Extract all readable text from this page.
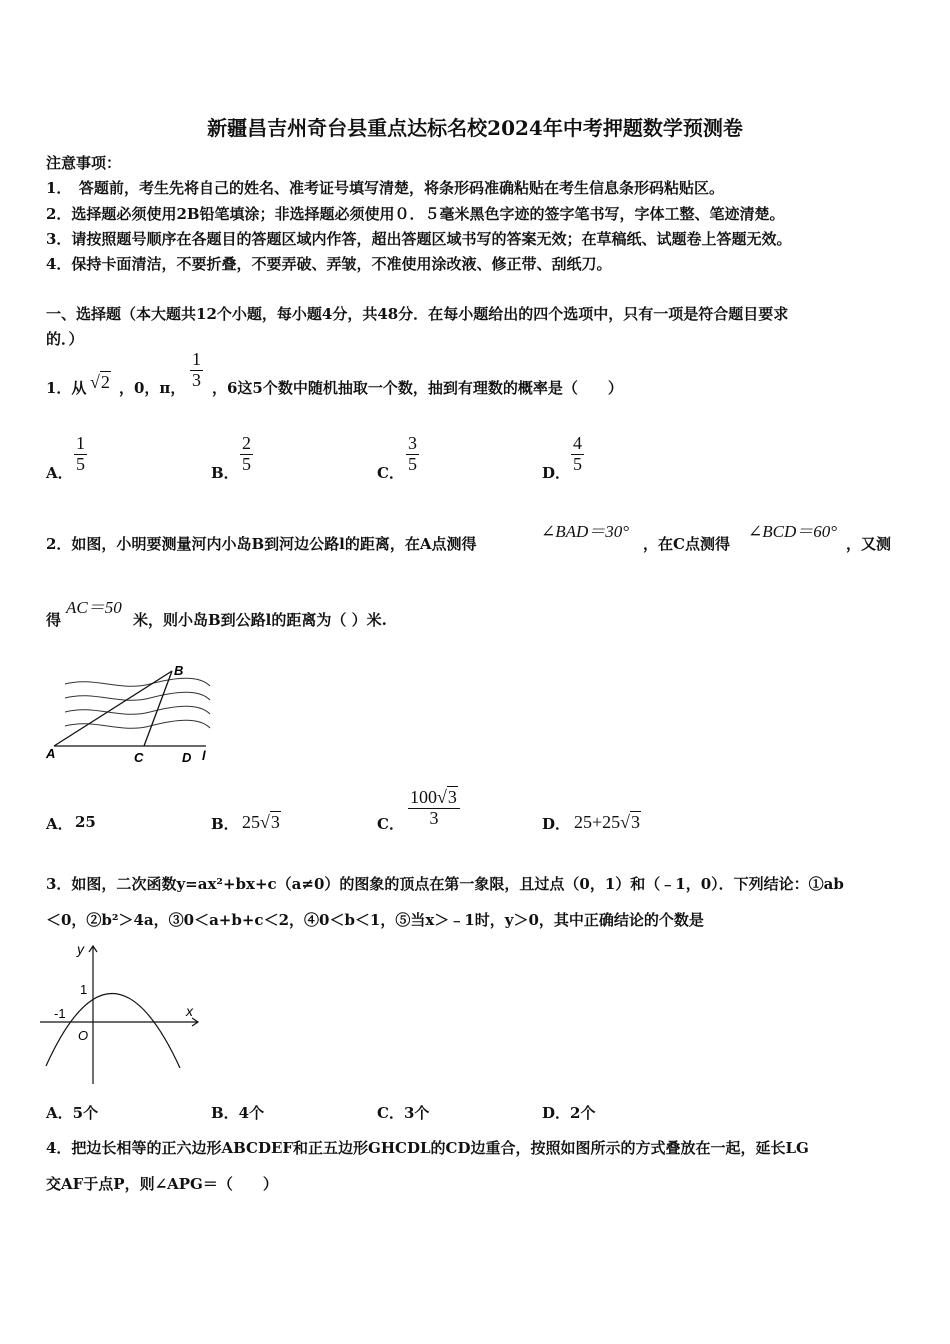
新疆昌吉州奇台县重点达标名校2024年中考押题数学预测卷
注意事项：
1．　答题前，考生先将自己的姓名、准考证号填写清楚，将条形码准确粘贴在考生信息条形码粘贴区。
2．选择题必须使用2B铅笔填涂；非选择题必须使用０．５毫米黑色字迹的签字笔书写，字体工整、笔迹清楚。
3．请按照题号顺序在各题目的答题区域内作答，超出答题区域书写的答案无效；在草稿纸、试题卷上答题无效。
4．保持卡面清洁，不要折叠，不要弄破、弄皱，不准使用涂改液、修正带、刮纸刀。
一、选择题（本大题共12个小题，每小题4分，共48分．在每小题给出的四个选项中，只有一项是符合题目要求
的．）
1．从 √2 ，0，π， $\frac{1}{3}$ ，6这5个数中随机抽取一个数，抽到有理数的概率是（　　）
A． $\frac{1}{5}$	B． $\frac{2}{5}$	C． $\frac{3}{5}$	D． $\frac{4}{5}$
2．如图，小明要测量河内小岛B到河边公路l的距离，在A点测得
∠BAD＝30°
，在C点测得
∠BCD＝60°
，又测
得
AC＝50
米，则小岛B到公路l的距离为（ ）米.
A
B
C	D l
A． 25	B． 25√3	C． $\frac{100√3}{3}$	D． 25+25√3
3．如图，二次函数y=ax²+bx+c（a≠0）的图象的顶点在第一象限，且过点（0，1）和（﹣1，0）．下列结论：①ab
＜0，②b²＞4a，③0＜a+b+c＜2，④0＜b＜1，⑤当x＞﹣1时，y＞0，其中正确结论的个数是
y
x
1
-1
O
A．5个	B．4个	C．3个	D．2个
4．把边长相等的正六边形ABCDEF和正五边形GHCDL的CD边重合，按照如图所示的方式叠放在一起，延长LG
交AF于点P，则∠APG＝（　　）
